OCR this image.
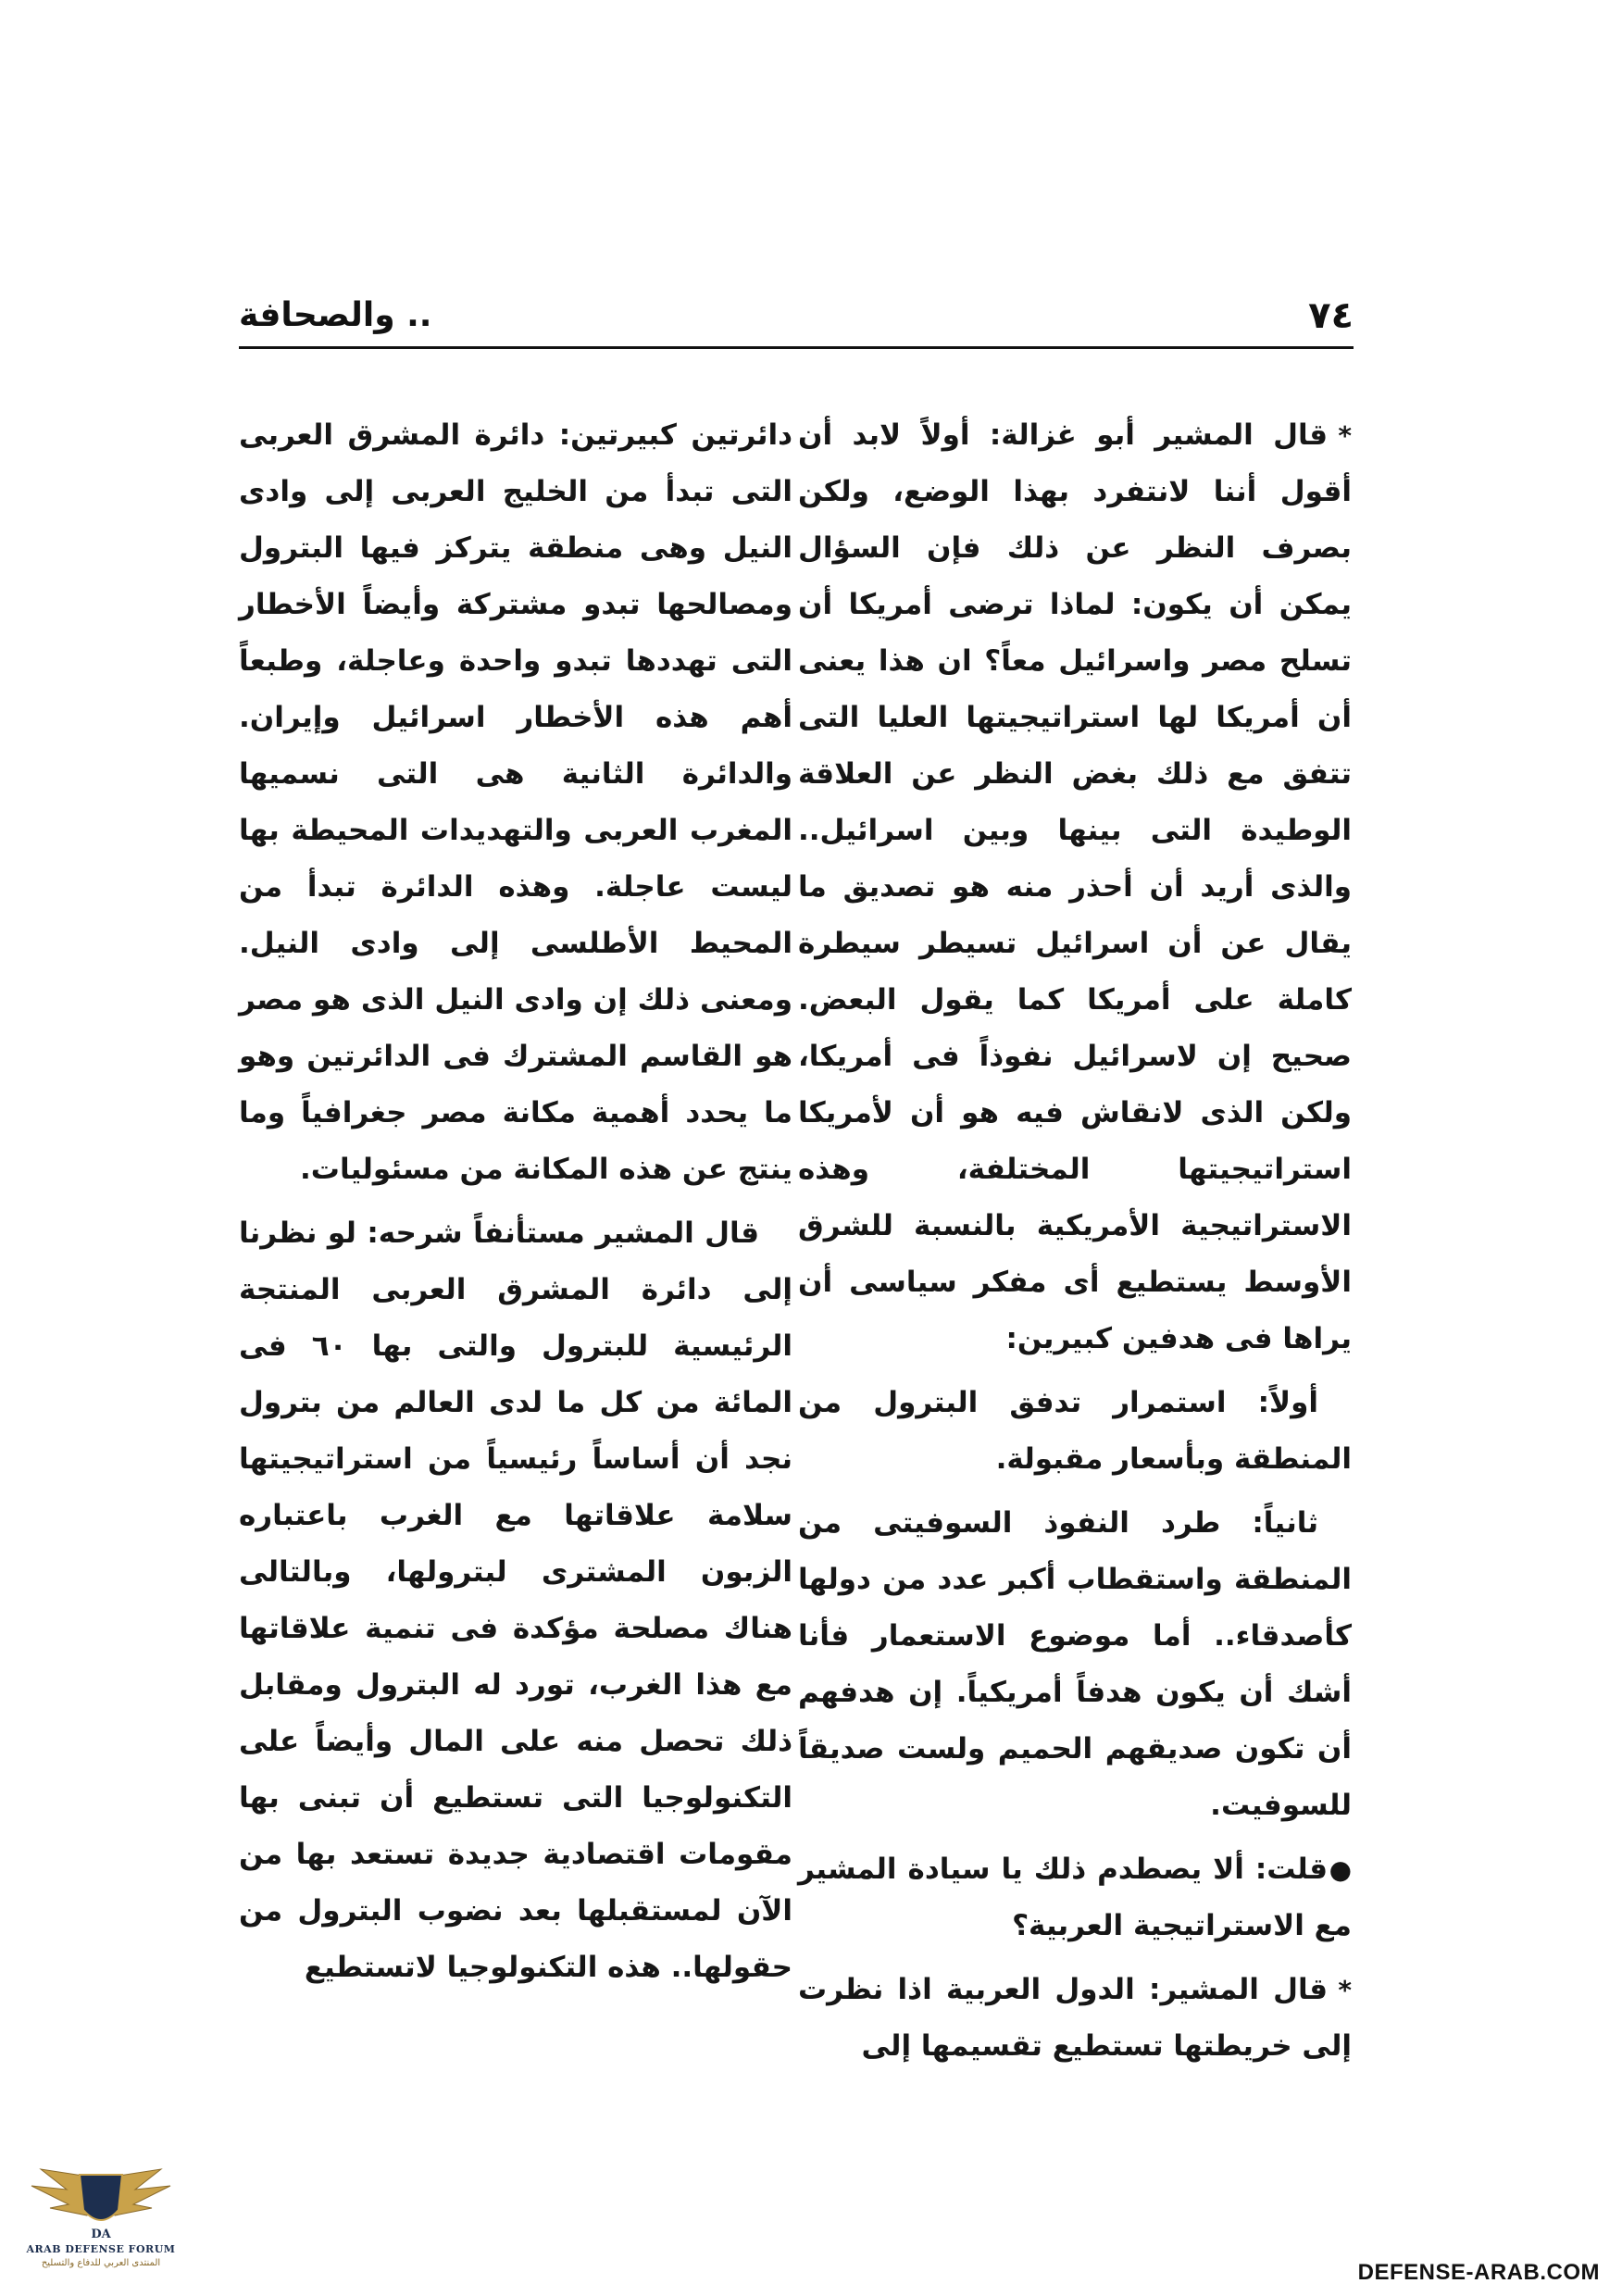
٧٤
.. والصحافة

*قال المشير أبو غزالة: أولاً لابد أن أقول أننا لانتفرد بهذا الوضع، ولكن بصرف النظر عن ذلك فإن السؤال يمكن أن يكون: لماذا ترضى أمريكا أن تسلح مصر واسرائيل معاً؟ ان هذا يعنى أن أمريكا لها استراتيجيتها العليا التى تتفق مع ذلك بغض النظر عن العلاقة الوطيدة التى بينها وبين اسرائيل.. والذى أريد أن أحذر منه هو تصديق ما يقال عن أن اسرائيل تسيطر سيطرة كاملة على أمريكا كما يقول البعض. صحيح إن لاسرائيل نفوذاً فى أمريكا، ولكن الذى لانقاش فيه هو أن لأمريكا استراتيجيتها المختلفة، وهذه الاستراتيجية الأمريكية بالنسبة للشرق الأوسط يستطيع أى مفكر سياسى أن يراها فى هدفين كبيرين:

أولاً: استمرار تدفق البترول من المنطقة وبأسعار مقبولة.

ثانياً: طرد النفوذ السوفيتى من المنطقة واستقطاب أكبر عدد من دولها كأصدقاء.. أما موضوع الاستعمار فأنا أشك أن يكون هدفاً أمريكياً. إن هدفهم أن تكون صديقهم الحميم ولست صديقاً للسوفيت.

●قلت: ألا يصطدم ذلك يا سيادة المشير مع الاستراتيجية العربية؟

*قال المشير: الدول العربية اذا نظرت إلى خريطتها تستطيع تقسيمها إلى

دائرتين كبيرتين: دائرة المشرق العربى التى تبدأ من الخليج العربى إلى وادى النيل وهى منطقة يتركز فيها البترول ومصالحها تبدو مشتركة وأيضاً الأخطار التى تهددها تبدو واحدة وعاجلة، وطبعاً أهم هذه الأخطار اسرائيل وإيران. والدائرة الثانية هى التى نسميها المغرب العربى والتهديدات المحيطة بها ليست عاجلة. وهذه الدائرة تبدأ من المحيط الأطلسى إلى وادى النيل. ومعنى ذلك إن وادى النيل الذى هو مصر هو القاسم المشترك فى الدائرتين وهو ما يحدد أهمية مكانة مصر جغرافياً وما ينتج عن هذه المكانة من مسئوليات.

قال المشير مستأنفاً شرحه: لو نظرنا إلى دائرة المشرق العربى المنتجة الرئيسية للبترول والتى بها ٦٠ فى المائة من كل ما لدى العالم من بترول نجد أن أساساً رئيسياً من استراتيجيتها سلامة علاقاتها مع الغرب باعتباره الزبون المشترى لبترولها، وبالتالى هناك مصلحة مؤكدة فى تنمية علاقاتها مع هذا الغرب، تورد له البترول ومقابل ذلك تحصل منه على المال وأيضاً على التكنولوجيا التى تستطيع أن تبنى بها مقومات اقتصادية جديدة تستعد بها من الآن لمستقبلها بعد نضوب البترول من حقولها.. هذه التكنولوجيا لاتستطيع

DA
ARAB DEFENSE FORUM
المنتدى العربي للدفاع والتسليح	DEFENSE-ARAB.COM
